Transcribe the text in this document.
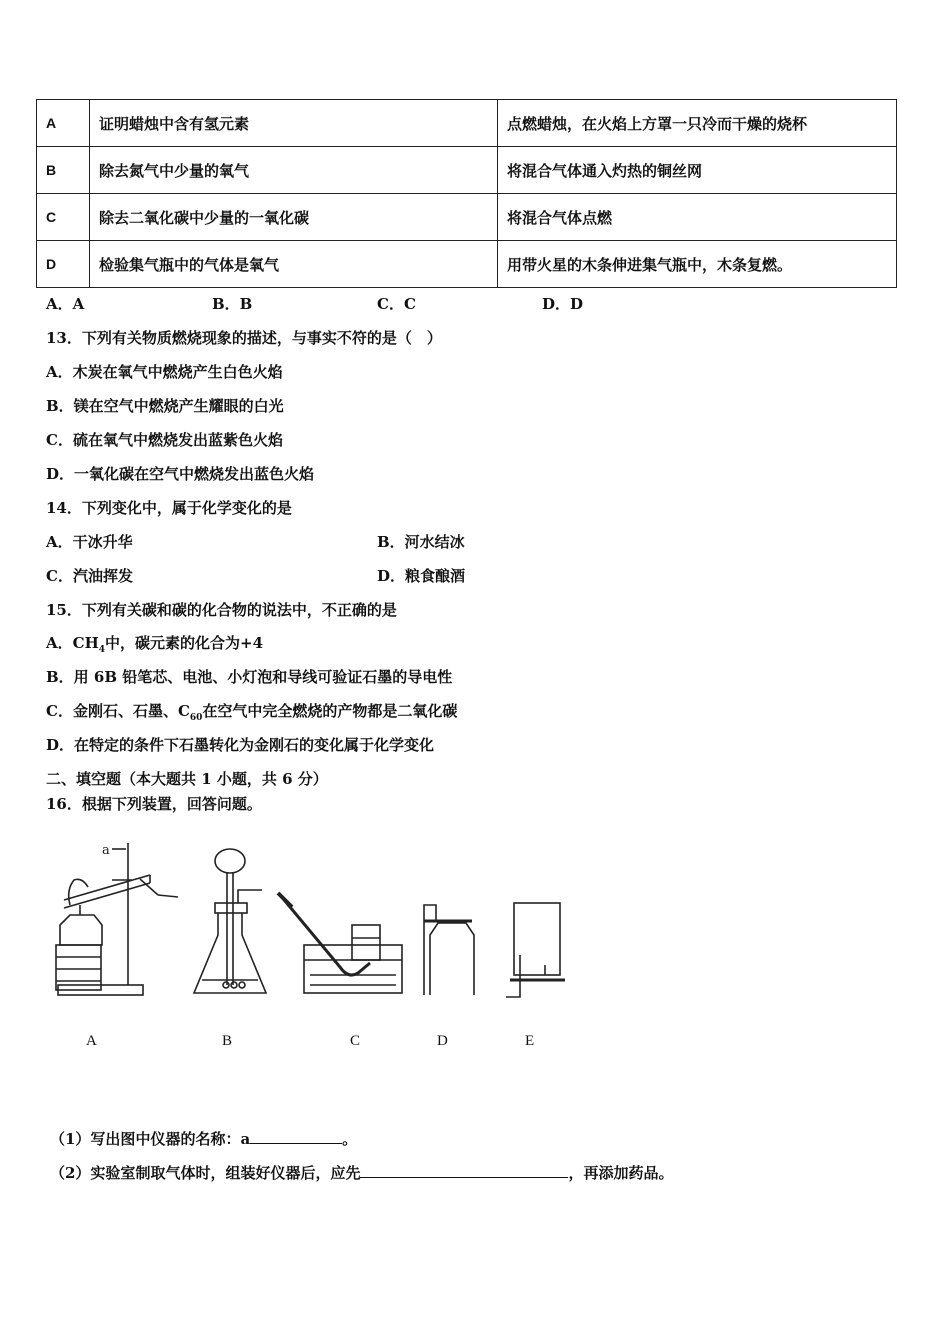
A	证明蜡烛中含有氢元素	点燃蜡烛，在火焰上方罩一只冷而干燥的烧杯
B	除去氮气中少量的氧气	将混合气体通入灼热的铜丝网
C	除去二氧化碳中少量的一氧化碳	将混合气体点燃
D	检验集气瓶中的气体是氧气	用带火星的木条伸进集气瓶中，木条复燃。
A．A	B．B	C．C	D．D
13．下列有关物质燃烧现象的描述，与事实不符的是（　）
A．木炭在氧气中燃烧产生白色火焰
B．镁在空气中燃烧产生耀眼的白光
C．硫在氧气中燃烧发出蓝紫色火焰
D．一氧化碳在空气中燃烧发出蓝色火焰
14．下列变化中，属于化学变化的是
A．干冰升华	B．河水结冰
C．汽油挥发	D．粮食酿酒
15．下列有关碳和碳的化合物的说法中，不正确的是
A．$CH_4$中，碳元素的化合为+4
B．用 6B 铅笔芯、电池、小灯泡和导线可验证石墨的导电性
C．金刚石、石墨、$C_{60}$在空气中完全燃烧的产物都是二氧化碳
D．在特定的条件下石墨转化为金刚石的变化属于化学变化
二、填空题（本大题共 1 小题，共 6 分）
16．根据下列装置，回答问题。
a
A	B	C	D	E
（1）写出图中仪器的名称：a	。
（2）实验室制取气体时，组装好仪器后，应先	，再添加药品。
